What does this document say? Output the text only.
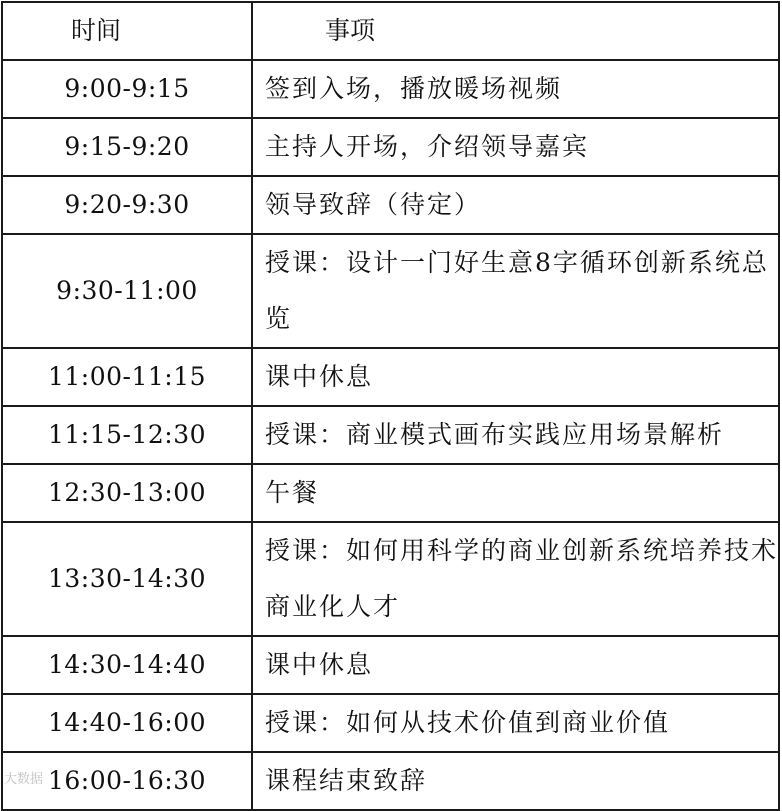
时间	事项
9:00-9:15	签到入场，播放暖场视频
9:15-9:20	主持人开场，介绍领导嘉宾
9:20-9:30	领导致辞（待定）
9:30-11:00	授课：设计一门好生意8字循环创新系统总览
11:00-11:15	课中休息
11:15-12:30	授课：商业模式画布实践应用场景解析
12:30-13:00	午餐
13:30-14:30	授课：如何用科学的商业创新系统培养技术商业化人才
14:30-14:40	课中休息
14:40-16:00	授课：如何从技术价值到商业价值
16:00-16:30	课程结束致辞
大数据
